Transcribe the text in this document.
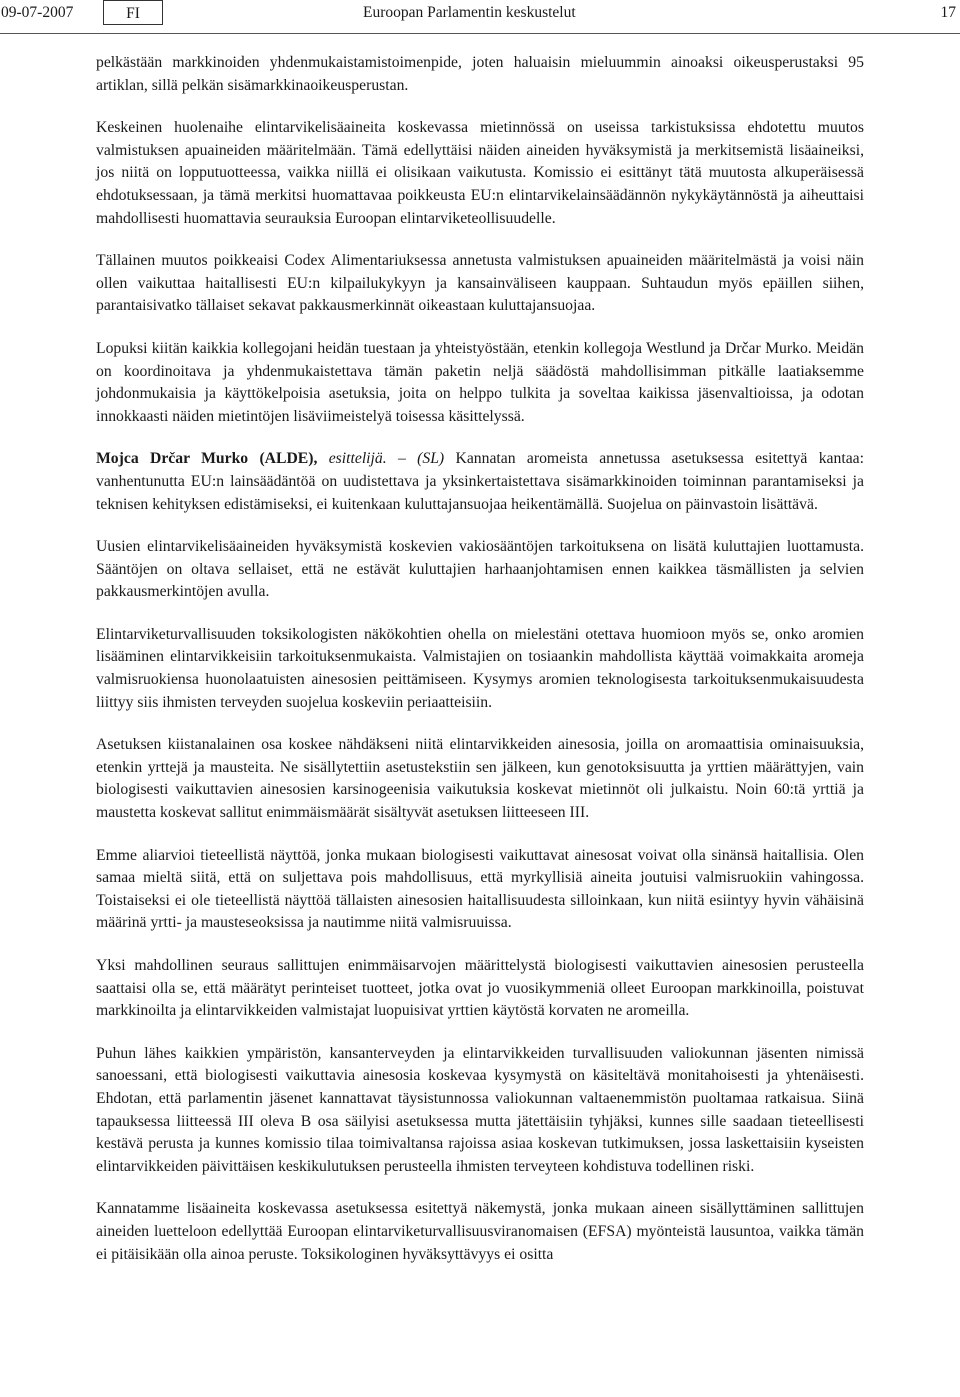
09-07-2007	FI	Euroopan Parlamentin keskustelut	17

pelkästään markkinoiden yhdenmukaistamistoimenpide, joten haluaisin mieluummin ainoaksi oikeusperustaksi 95 artiklan, sillä pelkän sisämarkkinaoikeusperustan.

Keskeinen huolenaihe elintarvikelisäaineita koskevassa mietinnössä on useissa tarkistuksissa ehdotettu muutos valmistuksen apuaineiden määritelmään. Tämä edellyttäisi näiden aineiden hyväksymistä ja merkitsemistä lisäaineiksi, jos niitä on lopputuotteessa, vaikka niillä ei olisikaan vaikutusta. Komissio ei esittänyt tätä muutosta alkuperäisessä ehdotuksessaan, ja tämä merkitsi huomattavaa poikkeusta EU:n elintarvikelainsäädännön nykykäytännöstä ja aiheuttaisi mahdollisesti huomattavia seurauksia Euroopan elintarviketeollisuudelle.

Tällainen muutos poikkeaisi Codex Alimentariuksessa annetusta valmistuksen apuaineiden määritelmästä ja voisi näin ollen vaikuttaa haitallisesti EU:n kilpailukykyyn ja kansainväliseen kauppaan. Suhtaudun myös epäillen siihen, parantaisivatko tällaiset sekavat pakkausmerkinnät oikeastaan kuluttajansuojaa.

Lopuksi kiitän kaikkia kollegojani heidän tuestaan ja yhteistyöstään, etenkin kollegoja Westlund ja Drčar Murko. Meidän on koordinoitava ja yhdenmukaistettava tämän paketin neljä säädöstä mahdollisimman pitkälle laatiaksemme johdonmukaisia ja käyttökelpoisia asetuksia, joita on helppo tulkita ja soveltaa kaikissa jäsenvaltioissa, ja odotan innokkaasti näiden mietintöjen lisäviimeistelyä toisessa käsittelyssä.

Mojca Drčar Murko (ALDE), esittelijä. – (SL) Kannatan aromeista annetussa asetuksessa esitettyä kantaa: vanhentunutta EU:n lainsäädäntöä on uudistettava ja yksinkertaistettava sisämarkkinoiden toiminnan parantamiseksi ja teknisen kehityksen edistämiseksi, ei kuitenkaan kuluttajansuojaa heikentämällä. Suojelua on päinvastoin lisättävä.

Uusien elintarvikelisäaineiden hyväksymistä koskevien vakiosääntöjen tarkoituksena on lisätä kuluttajien luottamusta. Sääntöjen on oltava sellaiset, että ne estävät kuluttajien harhaanjohtamisen ennen kaikkea täsmällisten ja selvien pakkausmerkintöjen avulla.

Elintarviketurvallisuuden toksikologisten näkökohtien ohella on mielestäni otettava huomioon myös se, onko aromien lisääminen elintarvikkeisiin tarkoituksenmukaista. Valmistajien on tosiaankin mahdollista käyttää voimakkaita aromeja valmisruokiensa huonolaatuisten ainesosien peittämiseen. Kysymys aromien teknologisesta tarkoituksenmukaisuudesta liittyy siis ihmisten terveyden suojelua koskeviin periaatteisiin.

Asetuksen kiistanalainen osa koskee nähdäkseni niitä elintarvikkeiden ainesosia, joilla on aromaattisia ominaisuuksia, etenkin yrttejä ja mausteita. Ne sisällytettiin asetustekstiin sen jälkeen, kun genotoksisuutta ja yrttien määrättyjen, vain biologisesti vaikuttavien ainesosien karsinogeenisia vaikutuksia koskevat mietinnöt oli julkaistu. Noin 60:tä yrttiä ja maustetta koskevat sallitut enimmäismäärät sisältyvät asetuksen liitteeseen III.

Emme aliarvioi tieteellistä näyttöä, jonka mukaan biologisesti vaikuttavat ainesosat voivat olla sinänsä haitallisia. Olen samaa mieltä siitä, että on suljettava pois mahdollisuus, että myrkyllisiä aineita joutuisi valmisruokiin vahingossa. Toistaiseksi ei ole tieteellistä näyttöä tällaisten ainesosien haitallisuudesta silloinkaan, kun niitä esiintyy hyvin vähäisinä määrinä yrtti- ja mausteseoksissa ja nautimme niitä valmisruuissa.

Yksi mahdollinen seuraus sallittujen enimmäisarvojen määrittelystä biologisesti vaikuttavien ainesosien perusteella saattaisi olla se, että määrätyt perinteiset tuotteet, jotka ovat jo vuosikymmeniä olleet Euroopan markkinoilla, poistuvat markkinoilta ja elintarvikkeiden valmistajat luopuisivat yrttien käytöstä korvaten ne aromeilla.

Puhun lähes kaikkien ympäristön, kansanterveyden ja elintarvikkeiden turvallisuuden valiokunnan jäsenten nimissä sanoessani, että biologisesti vaikuttavia ainesosia koskevaa kysymystä on käsiteltävä monitahoisesti ja yhtenäisesti. Ehdotan, että parlamentin jäsenet kannattavat täysistunnossa valiokunnan valtaenemmistön puoltamaa ratkaisua. Siinä tapauksessa liitteessä III oleva B osa säilyisi asetuksessa mutta jätettäisiin tyhjäksi, kunnes sille saadaan tieteellisesti kestävä perusta ja kunnes komissio tilaa toimivaltansa rajoissa asiaa koskevan tutkimuksen, jossa laskettaisiin kyseisten elintarvikkeiden päivittäisen keskikulutuksen perusteella ihmisten terveyteen kohdistuva todellinen riski.

Kannatamme lisäaineita koskevassa asetuksessa esitettyä näkemystä, jonka mukaan aineen sisällyttäminen sallittujen aineiden luetteloon edellyttää Euroopan elintarviketurvallisuusviranomaisen (EFSA) myönteistä lausuntoa, vaikka tämän ei pitäisikään olla ainoa peruste. Toksikologinen hyväksyttävyys ei ositta
